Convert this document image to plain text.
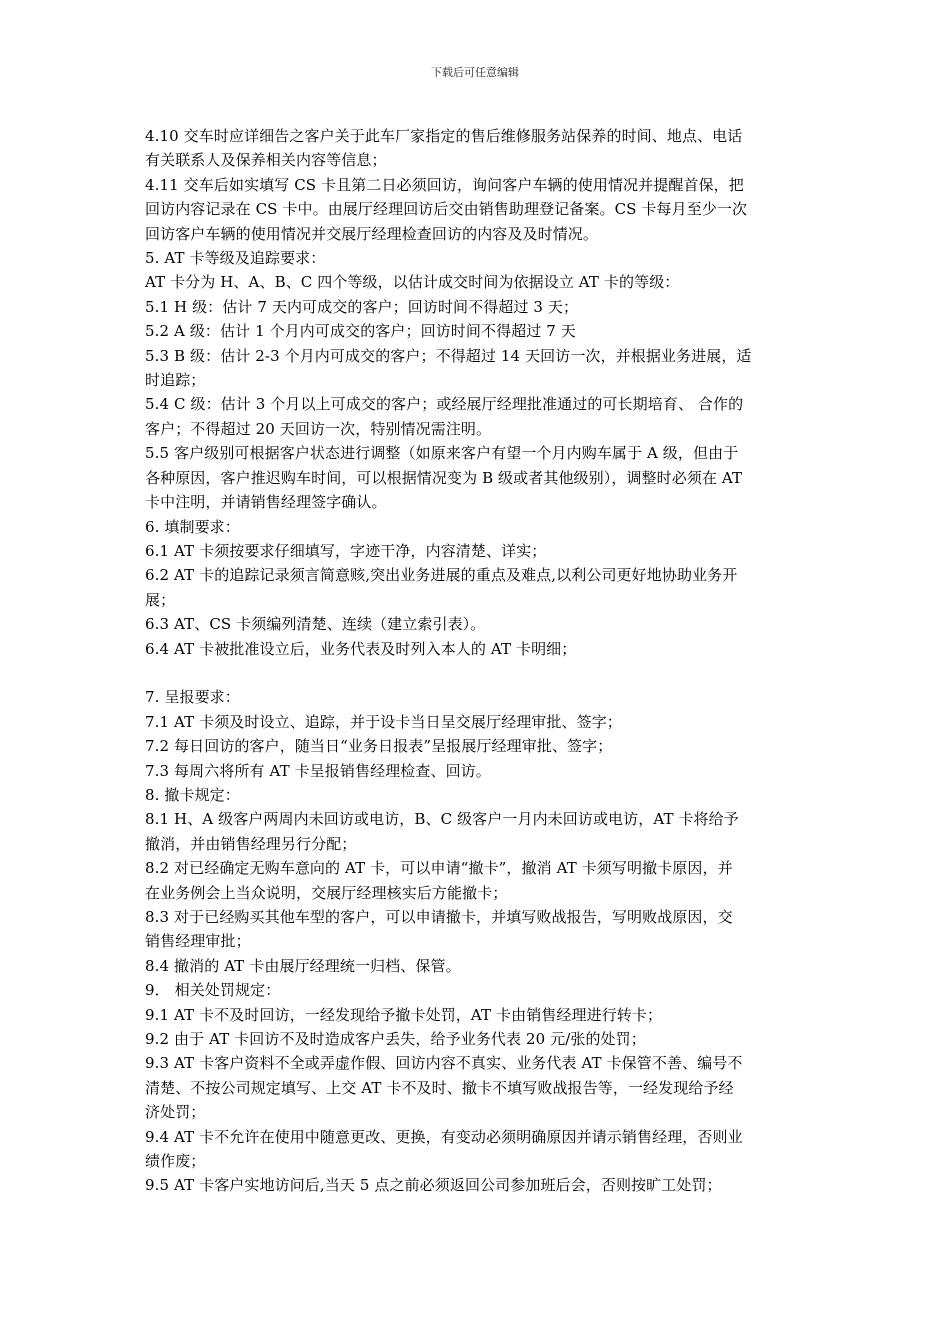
下载后可任意编辑
4.10 交车时应详细告之客户关于此车厂家指定的售后维修服务站保养的时间、地点、电话
有关联系人及保养相关内容等信息；
4.11 交车后如实填写 CS 卡且第二日必须回访，询问客户车辆的使用情况并提醒首保，把
回访内容记录在 CS 卡中。由展厅经理回访后交由销售助理登记备案。CS 卡每月至少一次
回访客户车辆的使用情况并交展厅经理检查回访的内容及及时情况。
5. AT 卡等级及追踪要求：
AT 卡分为 H、A、B、C 四个等级，以估计成交时间为依据设立 AT 卡的等级：
5.1 H 级：估计 7 天内可成交的客户；回访时间不得超过 3 天；
5.2 A 级：估计 1 个月内可成交的客户；回访时间不得超过 7 天
5.3 B 级：估计 2-3 个月内可成交的客户；不得超过 14 天回访一次，并根据业务进展，适
时追踪；
5.4 C 级：估计 3 个月以上可成交的客户；或经展厅经理批准通过的可长期培育、 合作的
客户；不得超过 20 天回访一次，特别情况需注明。
5.5 客户级别可根据客户状态进行调整（如原来客户有望一个月内购车属于 A 级，但由于
各种原因，客户推迟购车时间，可以根据情况变为 B 级或者其他级别），调整时必须在 AT
卡中注明，并请销售经理签字确认。
6. 填制要求：
6.1 AT 卡须按要求仔细填写，字迹干净，内容清楚、详实；
6.2 AT 卡的追踪记录须言简意赅,突出业务进展的重点及难点,以利公司更好地协助业务开
展；
6.3 AT、CS 卡须编列清楚、连续（建立索引表）。
6.4 AT 卡被批准设立后，业务代表及时列入本人的 AT 卡明细；
7. 呈报要求：
7.1 AT 卡须及时设立、追踪，并于设卡当日呈交展厅经理审批、签字；
7.2 每日回访的客户，随当日“业务日报表”呈报展厅经理审批、签字；
7.3 每周六将所有 AT 卡呈报销售经理检查、回访。
8. 撤卡规定：
8.1 H、A 级客户两周内未回访或电访，B、C 级客户一月内未回访或电访，AT 卡将给予
撤消，并由销售经理另行分配；
8.2 对已经确定无购车意向的 AT 卡，可以申请“撤卡”，撤消 AT 卡须写明撤卡原因，并
在业务例会上当众说明，交展厅经理核实后方能撤卡；
8.3 对于已经购买其他车型的客户，可以申请撤卡，并填写败战报告，写明败战原因，交
销售经理审批；
8.4 撤消的 AT 卡由展厅经理统一归档、保管。
9． 相关处罚规定：
9.1 AT 卡不及时回访，一经发现给予撤卡处罚，AT 卡由销售经理进行转卡；
9.2 由于 AT 卡回访不及时造成客户丢失，给予业务代表 20 元/张的处罚；
9.3 AT 卡客户资料不全或弄虚作假、回访内容不真实、业务代表 AT 卡保管不善、编号不
清楚、不按公司规定填写、上交 AT 卡不及时、撤卡不填写败战报告等，一经发现给予经
济处罚；
9.4 AT 卡不允许在使用中随意更改、更换，有变动必须明确原因并请示销售经理，否则业
绩作废；
9.5 AT 卡客户实地访问后,当天 5 点之前必须返回公司参加班后会，否则按旷工处罚；
